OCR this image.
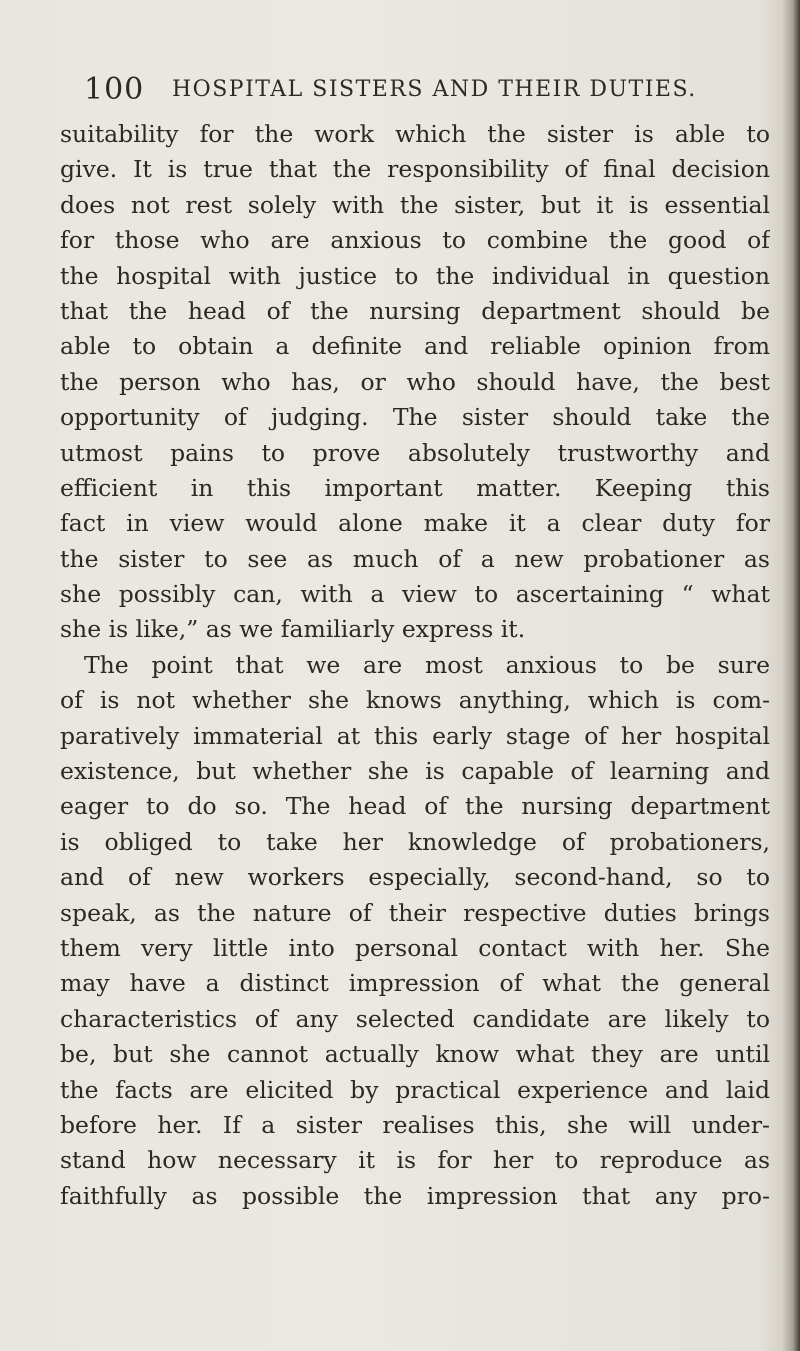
100 HOSPITAL SISTERS AND THEIR DUTIES.
suitability for the work which the sister is able to
give. It is true that the responsibility of final decision
does not rest solely with the sister, but it is essential
for those who are anxious to combine the good of
the hospital with justice to the individual in question
that the head of the nursing department should be
able to obtain a definite and reliable opinion from
the person who has, or who should have, the best
opportunity of judging. The sister should take the
utmost pains to prove absolutely trustworthy and
efficient in this important matter. Keeping this
fact in view would alone make it a clear duty for
the sister to see as much of a new probationer as
she possibly can, with a view to ascertaining “ what
she is like,” as we familiarly express it.
The point that we are most anxious to be sure
of is not whether she knows anything, which is com-
paratively immaterial at this early stage of her hospital
existence, but whether she is capable of learning and
eager to do so. The head of the nursing department
is obliged to take her knowledge of probationers,
and of new workers especially, second-hand, so to
speak, as the nature of their respective duties brings
them very little into personal contact with her. She
may have a distinct impression of what the general
characteristics of any selected candidate are likely to
be, but she cannot actually know what they are until
the facts are elicited by practical experience and laid
before her. If a sister realises this, she will under-
stand how necessary it is for her to reproduce as
faithfully as possible the impression that any pro-
